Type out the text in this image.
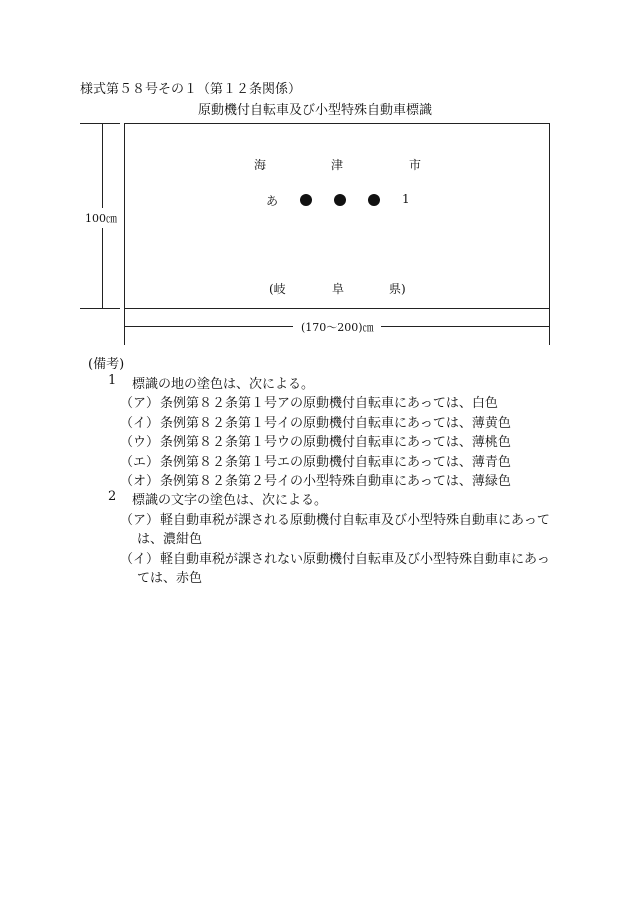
様式第５８号その１（第１２条関係）
原動機付自転車及び小型特殊自動車標識
100㎝
(170〜200)㎝
海	津	市
あ	1
(岐	阜	県)
(備考)
1 標識の地の塗色は、次による。
（ア） 条例第８２条第１号アの原動機付自転車にあっては、白色
（イ） 条例第８２条第１号イの原動機付自転車にあっては、薄黄色
（ウ） 条例第８２条第１号ウの原動機付自転車にあっては、薄桃色
（エ） 条例第８２条第１号エの原動機付自転車にあっては、薄青色
（オ） 条例第８２条第２号イの小型特殊自動車にあっては、薄緑色
2 標識の文字の塗色は、次による。
（ア） 軽自動車税が課される原動機付自転車及び小型特殊自動車にあって
は、濃紺色
（イ） 軽自動車税が課されない原動機付自転車及び小型特殊自動車にあっ
ては、赤色
